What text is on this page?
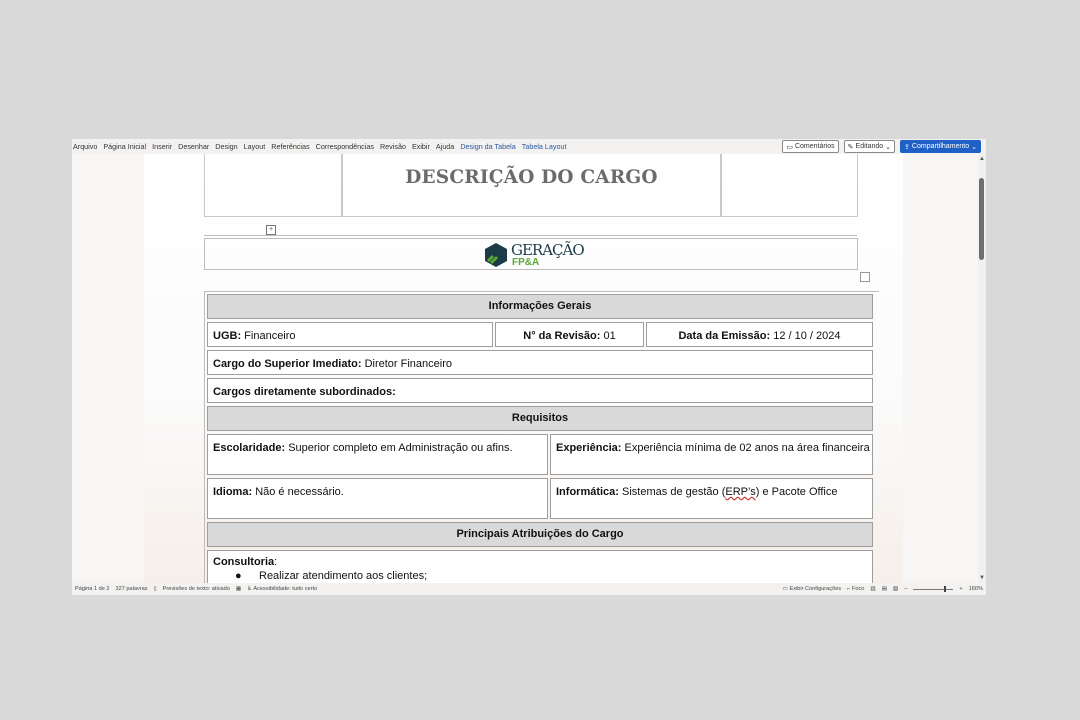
Arquivo Página Inicial Inserir Desenhar Design Layout Referências Correspondências Revisão Exibir Ajuda Design da Tabela Tabela Layout	▭ Comentários ✎ Editando ⌄ ⇪ Compartilhamento ⌄
DESCRIÇÃO DO CARGO
+
GERAÇÃO
FP&A
Informações Gerais
UGB: Financeiro	N° da Revisão: 01	Data da Emissão: 12 / 10 / 2024
Cargo do Superior Imediato: Diretor Financeiro
Cargos diretamente subordinados:
Requisitos
Escolaridade: Superior completo em Administração ou afins.	Experiência: Experiência mínima de 02 anos na área financeira
Idioma: Não é necessário.	Informática: Sistemas de gestão (ERP’s) e Pacote Office
Principais Atribuições do Cargo
Consultoria:
● Realizar atendimento aos clientes;
▲
▼
Página 1 de 2 327 palavras ▯ Previsões de texto: ativado ▦ ♿ Acessibilidade: tudo certo	▭ Exibir Configurações ⌐ Foco ▥ ▤ ▧ –	+ 160%
